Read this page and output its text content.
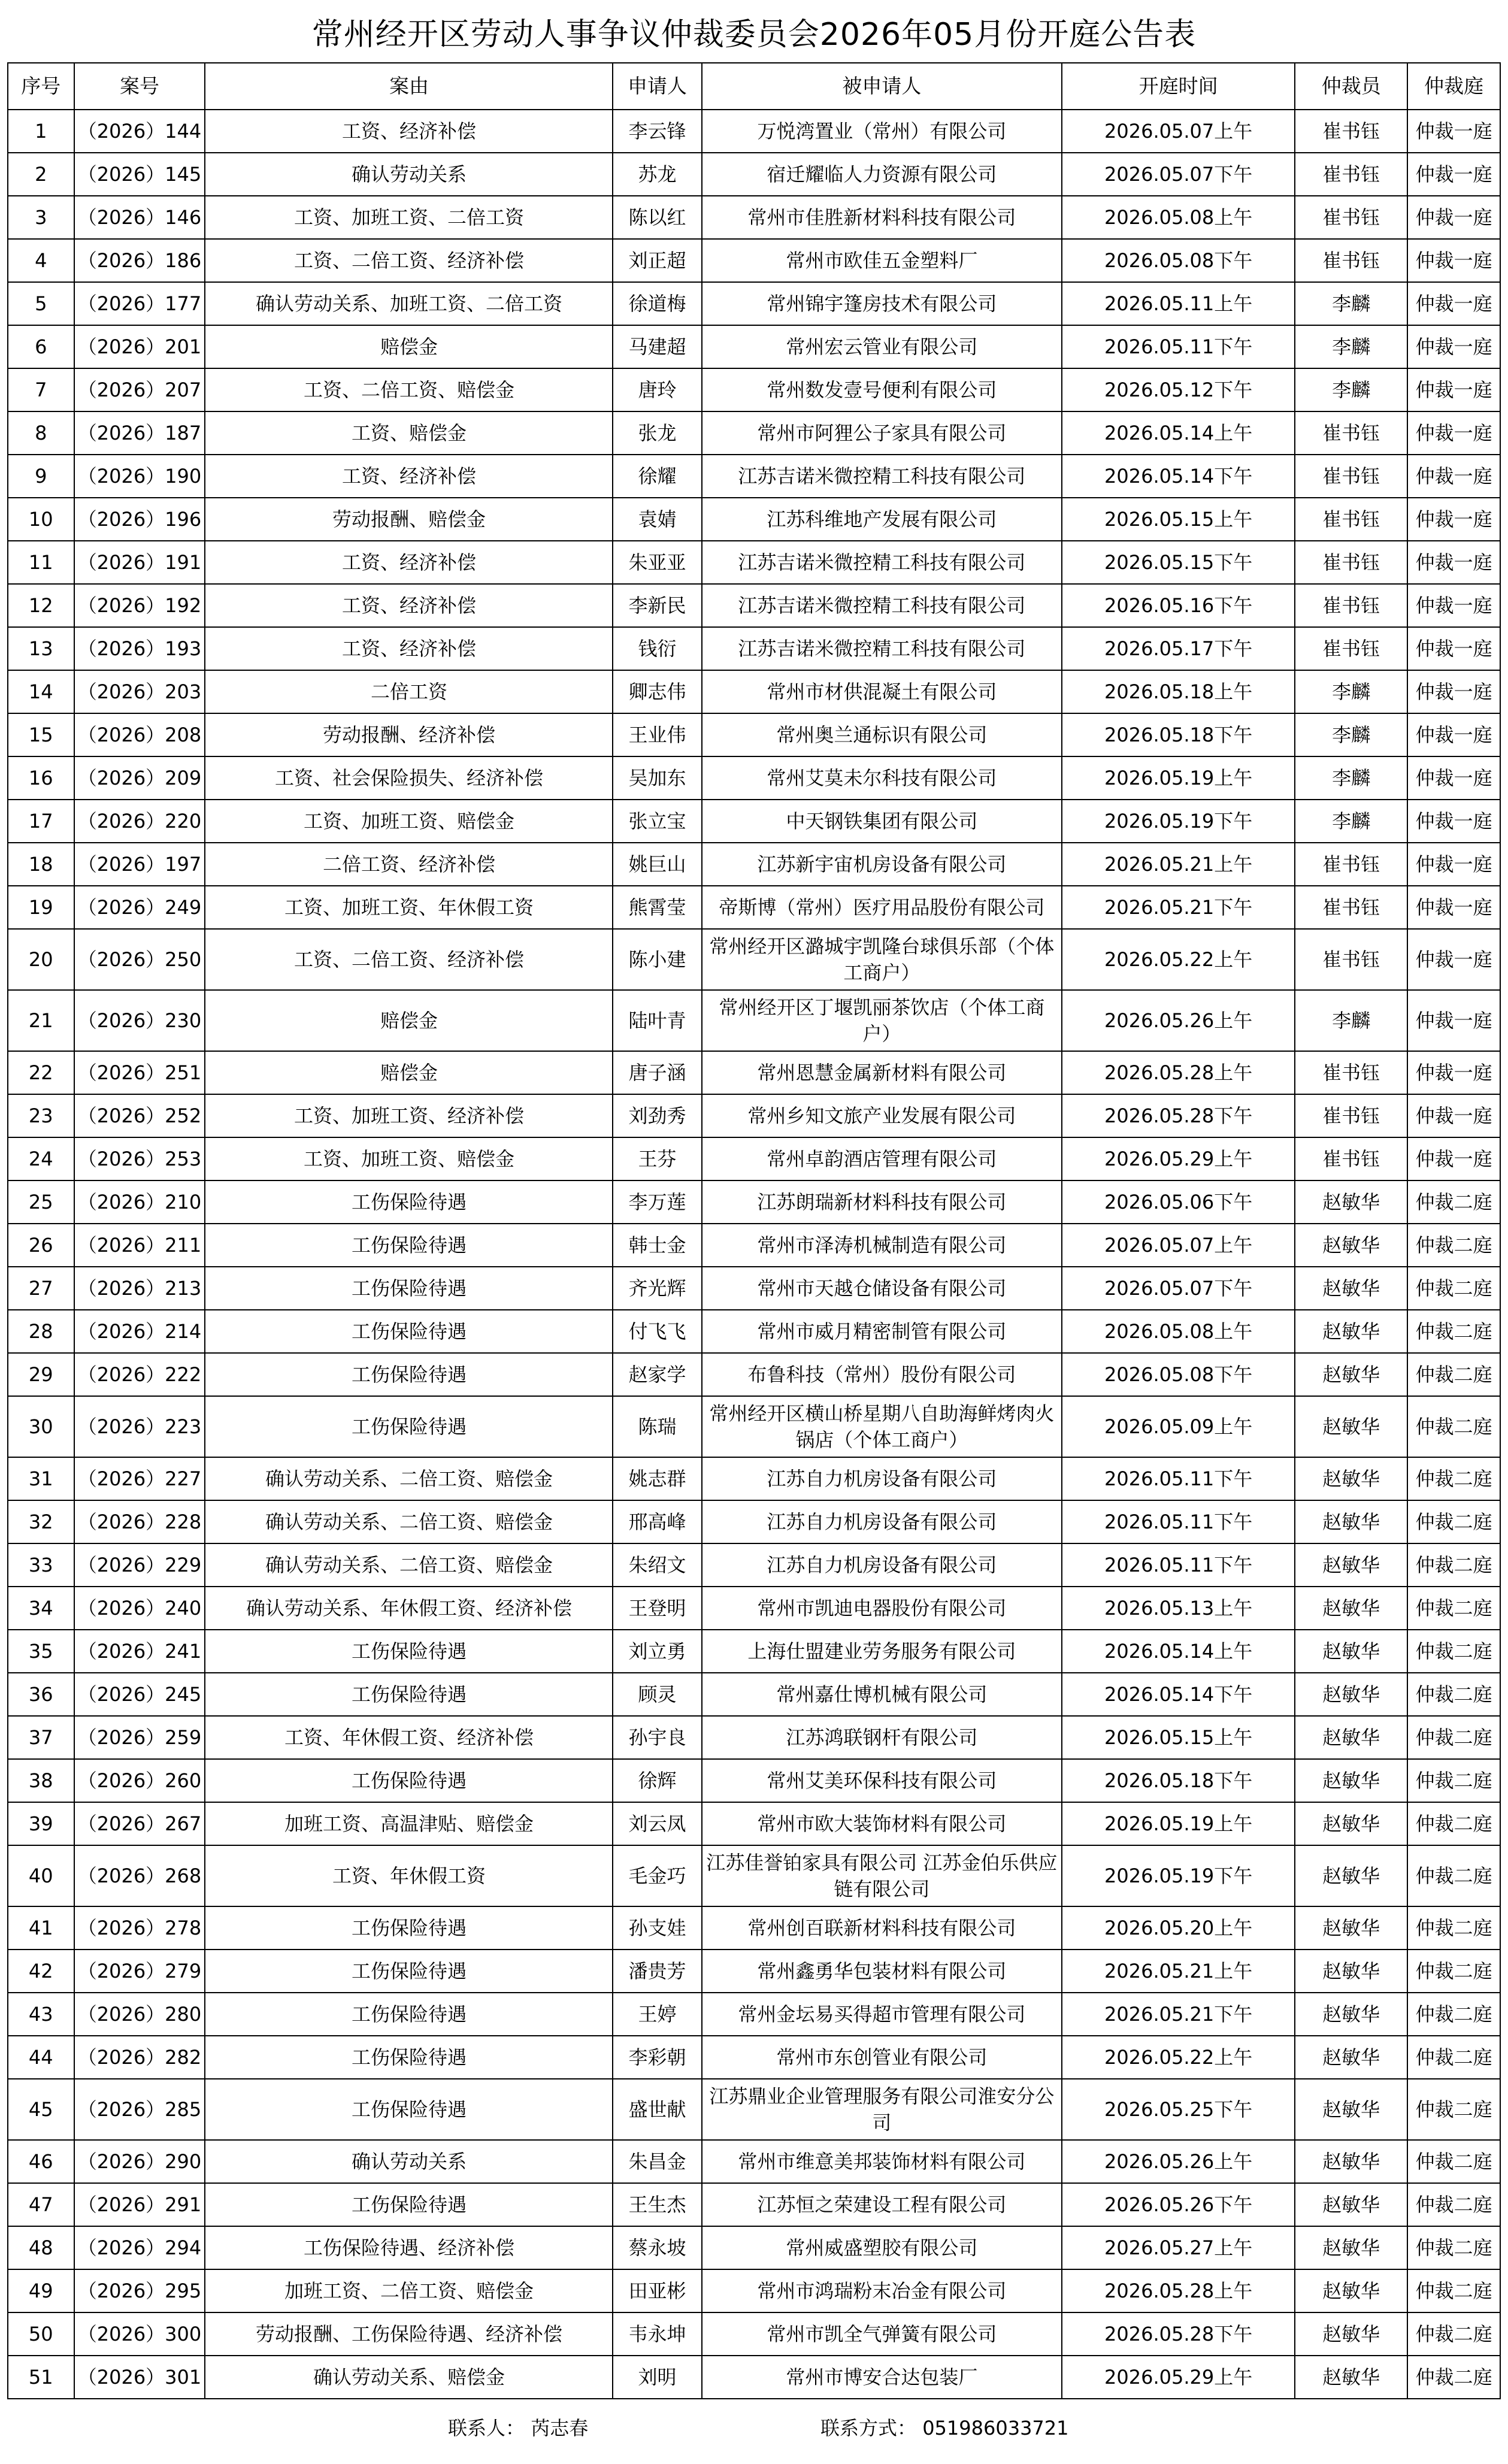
常州经开区劳动人事争议仲裁委员会2026年05月份开庭公告表
序号	案号	案由	申请人	被申请人	开庭时间	仲裁员	仲裁庭
1	（2026）144	工资、经济补偿	李云锋	万悦湾置业（常州）有限公司	2026.05.07上午	崔书钰	仲裁一庭
2	（2026）145	确认劳动关系	苏龙	宿迁耀临人力资源有限公司	2026.05.07下午	崔书钰	仲裁一庭
3	（2026）146	工资、加班工资、二倍工资	陈以红	常州市佳胜新材料科技有限公司	2026.05.08上午	崔书钰	仲裁一庭
4	（2026）186	工资、二倍工资、经济补偿	刘正超	常州市欧佳五金塑料厂	2026.05.08下午	崔书钰	仲裁一庭
5	（2026）177	确认劳动关系、加班工资、二倍工资	徐道梅	常州锦宇篷房技术有限公司	2026.05.11上午	李麟	仲裁一庭
6	（2026）201	赔偿金	马建超	常州宏云管业有限公司	2026.05.11下午	李麟	仲裁一庭
7	（2026）207	工资、二倍工资、赔偿金	唐玲	常州数发壹号便利有限公司	2026.05.12下午	李麟	仲裁一庭
8	（2026）187	工资、赔偿金	张龙	常州市阿狸公子家具有限公司	2026.05.14上午	崔书钰	仲裁一庭
9	（2026）190	工资、经济补偿	徐耀	江苏吉诺米微控精工科技有限公司	2026.05.14下午	崔书钰	仲裁一庭
10	（2026）196	劳动报酬、赔偿金	袁婧	江苏科维地产发展有限公司	2026.05.15上午	崔书钰	仲裁一庭
11	（2026）191	工资、经济补偿	朱亚亚	江苏吉诺米微控精工科技有限公司	2026.05.15下午	崔书钰	仲裁一庭
12	（2026）192	工资、经济补偿	李新民	江苏吉诺米微控精工科技有限公司	2026.05.16下午	崔书钰	仲裁一庭
13	（2026）193	工资、经济补偿	钱衍	江苏吉诺米微控精工科技有限公司	2026.05.17下午	崔书钰	仲裁一庭
14	（2026）203	二倍工资	卿志伟	常州市材供混凝土有限公司	2026.05.18上午	李麟	仲裁一庭
15	（2026）208	劳动报酬、经济补偿	王业伟	常州奥兰通标识有限公司	2026.05.18下午	李麟	仲裁一庭
16	（2026）209	工资、社会保险损失、经济补偿	吴加东	常州艾莫未尔科技有限公司	2026.05.19上午	李麟	仲裁一庭
17	（2026）220	工资、加班工资、赔偿金	张立宝	中天钢铁集团有限公司	2026.05.19下午	李麟	仲裁一庭
18	（2026）197	二倍工资、经济补偿	姚巨山	江苏新宇宙机房设备有限公司	2026.05.21上午	崔书钰	仲裁一庭
19	（2026）249	工资、加班工资、年休假工资	熊霄莹	帝斯博（常州）医疗用品股份有限公司	2026.05.21下午	崔书钰	仲裁一庭
20	（2026）250	工资、二倍工资、经济补偿	陈小建	常州经开区潞城宇凯隆台球俱乐部（个体工商户）	2026.05.22上午	崔书钰	仲裁一庭
21	（2026）230	赔偿金	陆叶青	常州经开区丁堰凯丽茶饮店（个体工商户）	2026.05.26上午	李麟	仲裁一庭
22	（2026）251	赔偿金	唐子涵	常州恩慧金属新材料有限公司	2026.05.28上午	崔书钰	仲裁一庭
23	（2026）252	工资、加班工资、经济补偿	刘劲秀	常州乡知文旅产业发展有限公司	2026.05.28下午	崔书钰	仲裁一庭
24	（2026）253	工资、加班工资、赔偿金	王芬	常州卓韵酒店管理有限公司	2026.05.29上午	崔书钰	仲裁一庭
25	（2026）210	工伤保险待遇	李万莲	江苏朗瑞新材料科技有限公司	2026.05.06下午	赵敏华	仲裁二庭
26	（2026）211	工伤保险待遇	韩士金	常州市泽涛机械制造有限公司	2026.05.07上午	赵敏华	仲裁二庭
27	（2026）213	工伤保险待遇	齐光辉	常州市天越仓储设备有限公司	2026.05.07下午	赵敏华	仲裁二庭
28	（2026）214	工伤保险待遇	付飞飞	常州市威月精密制管有限公司	2026.05.08上午	赵敏华	仲裁二庭
29	（2026）222	工伤保险待遇	赵家学	布鲁科技（常州）股份有限公司	2026.05.08下午	赵敏华	仲裁二庭
30	（2026）223	工伤保险待遇	陈瑞	常州经开区横山桥星期八自助海鲜烤肉火锅店（个体工商户）	2026.05.09上午	赵敏华	仲裁二庭
31	（2026）227	确认劳动关系、二倍工资、赔偿金	姚志群	江苏自力机房设备有限公司	2026.05.11下午	赵敏华	仲裁二庭
32	（2026）228	确认劳动关系、二倍工资、赔偿金	邢高峰	江苏自力机房设备有限公司	2026.05.11下午	赵敏华	仲裁二庭
33	（2026）229	确认劳动关系、二倍工资、赔偿金	朱绍文	江苏自力机房设备有限公司	2026.05.11下午	赵敏华	仲裁二庭
34	（2026）240	确认劳动关系、年休假工资、经济补偿	王登明	常州市凯迪电器股份有限公司	2026.05.13上午	赵敏华	仲裁二庭
35	（2026）241	工伤保险待遇	刘立勇	上海仕盟建业劳务服务有限公司	2026.05.14上午	赵敏华	仲裁二庭
36	（2026）245	工伤保险待遇	顾灵	常州嘉仕博机械有限公司	2026.05.14下午	赵敏华	仲裁二庭
37	（2026）259	工资、年休假工资、经济补偿	孙宇良	江苏鸿联钢杆有限公司	2026.05.15上午	赵敏华	仲裁二庭
38	（2026）260	工伤保险待遇	徐辉	常州艾美环保科技有限公司	2026.05.18下午	赵敏华	仲裁二庭
39	（2026）267	加班工资、高温津贴、赔偿金	刘云凤	常州市欧大装饰材料有限公司	2026.05.19上午	赵敏华	仲裁二庭
40	（2026）268	工资、年休假工资	毛金巧	江苏佳誉铂家具有限公司 江苏金伯乐供应链有限公司	2026.05.19下午	赵敏华	仲裁二庭
41	（2026）278	工伤保险待遇	孙支娃	常州创百联新材料科技有限公司	2026.05.20上午	赵敏华	仲裁二庭
42	（2026）279	工伤保险待遇	潘贵芳	常州鑫勇华包装材料有限公司	2026.05.21上午	赵敏华	仲裁二庭
43	（2026）280	工伤保险待遇	王婷	常州金坛易买得超市管理有限公司	2026.05.21下午	赵敏华	仲裁二庭
44	（2026）282	工伤保险待遇	李彩朝	常州市东创管业有限公司	2026.05.22上午	赵敏华	仲裁二庭
45	（2026）285	工伤保险待遇	盛世献	江苏鼎业企业管理服务有限公司淮安分公司	2026.05.25下午	赵敏华	仲裁二庭
46	（2026）290	确认劳动关系	朱昌金	常州市维意美邦装饰材料有限公司	2026.05.26上午	赵敏华	仲裁二庭
47	（2026）291	工伤保险待遇	王生杰	江苏恒之荣建设工程有限公司	2026.05.26下午	赵敏华	仲裁二庭
48	（2026）294	工伤保险待遇、经济补偿	蔡永坡	常州威盛塑胶有限公司	2026.05.27上午	赵敏华	仲裁二庭
49	（2026）295	加班工资、二倍工资、赔偿金	田亚彬	常州市鸿瑞粉末冶金有限公司	2026.05.28上午	赵敏华	仲裁二庭
50	（2026）300	劳动报酬、工伤保险待遇、经济补偿	韦永坤	常州市凯全气弹簧有限公司	2026.05.28下午	赵敏华	仲裁二庭
51	（2026）301	确认劳动关系、赔偿金	刘明	常州市博安合达包装厂	2026.05.29上午	赵敏华	仲裁二庭
联系人： 芮志春	联系方式： 051986033721
